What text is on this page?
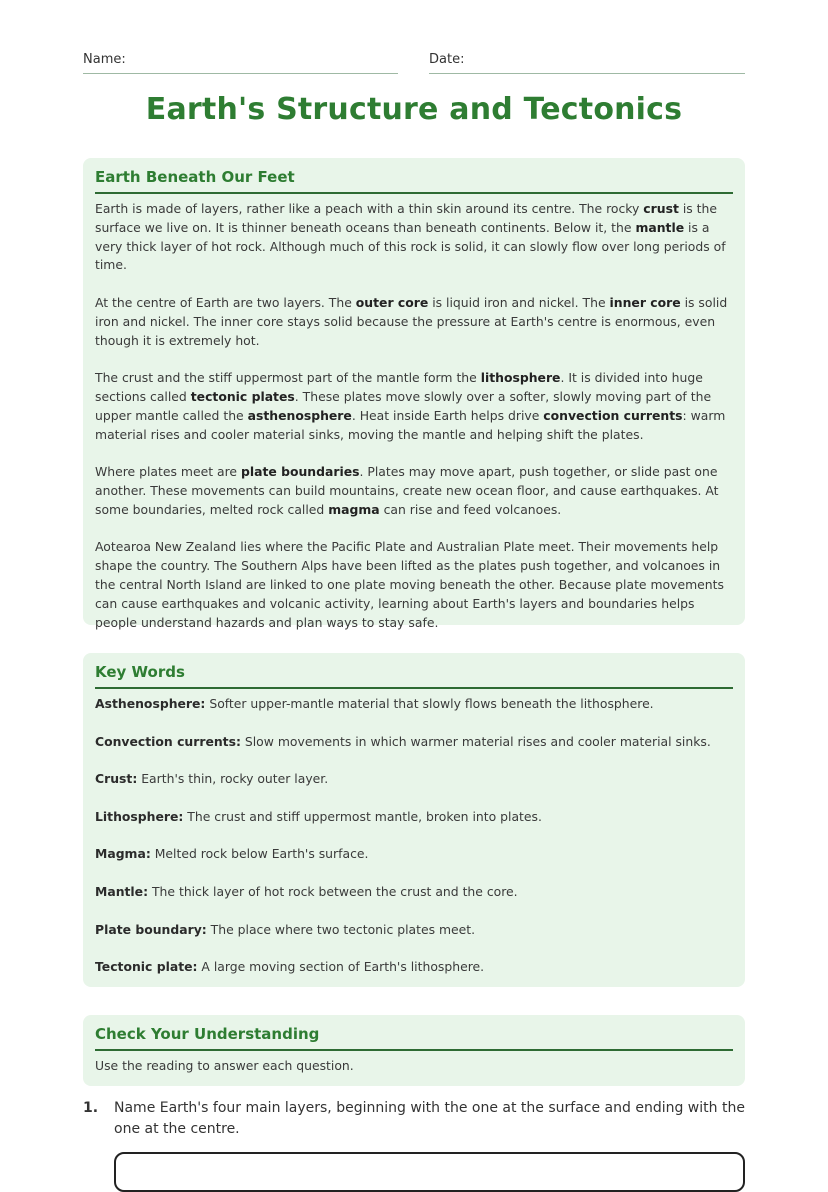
Name:	Date:
Earth's Structure and Tectonics
Earth Beneath Our Feet

Earth is made of layers, rather like a peach with a thin skin around its centre. The rocky crust is the surface we live on. It is thinner beneath oceans than beneath continents. Below it, the mantle is a very thick layer of hot rock. Although much of this rock is solid, it can slowly flow over long periods of time.

At the centre of Earth are two layers. The outer core is liquid iron and nickel. The inner core is solid iron and nickel. The inner core stays solid because the pressure at Earth's centre is enormous, even though it is extremely hot.

The crust and the stiff uppermost part of the mantle form the lithosphere. It is divided into huge sections called tectonic plates. These plates move slowly over a softer, slowly moving part of the upper mantle called the asthenosphere. Heat inside Earth helps drive convection currents: warm material rises and cooler material sinks, moving the mantle and helping shift the plates.

Where plates meet are plate boundaries. Plates may move apart, push together, or slide past one another. These movements can build mountains, create new ocean floor, and cause earthquakes. At some boundaries, melted rock called magma can rise and feed volcanoes.

Aotearoa New Zealand lies where the Pacific Plate and Australian Plate meet. Their movements help shape the country. The Southern Alps have been lifted as the plates push together, and volcanoes in the central North Island are linked to one plate moving beneath the other. Because plate movements can cause earthquakes and volcanic activity, learning about Earth's layers and boundaries helps people understand hazards and plan ways to stay safe.

Key Words

Asthenosphere: Softer upper-mantle material that slowly flows beneath the lithosphere.

Convection currents: Slow movements in which warmer material rises and cooler material sinks.

Crust: Earth's thin, rocky outer layer.

Lithosphere: The crust and stiff uppermost mantle, broken into plates.

Magma: Melted rock below Earth's surface.

Mantle: The thick layer of hot rock between the crust and the core.

Plate boundary: The place where two tectonic plates meet.

Tectonic plate: A large moving section of Earth's lithosphere.

Check Your Understanding
Use the reading to answer each question.
1. Name Earth's four main layers, beginning with the one at the surface and ending with the one at the centre.
